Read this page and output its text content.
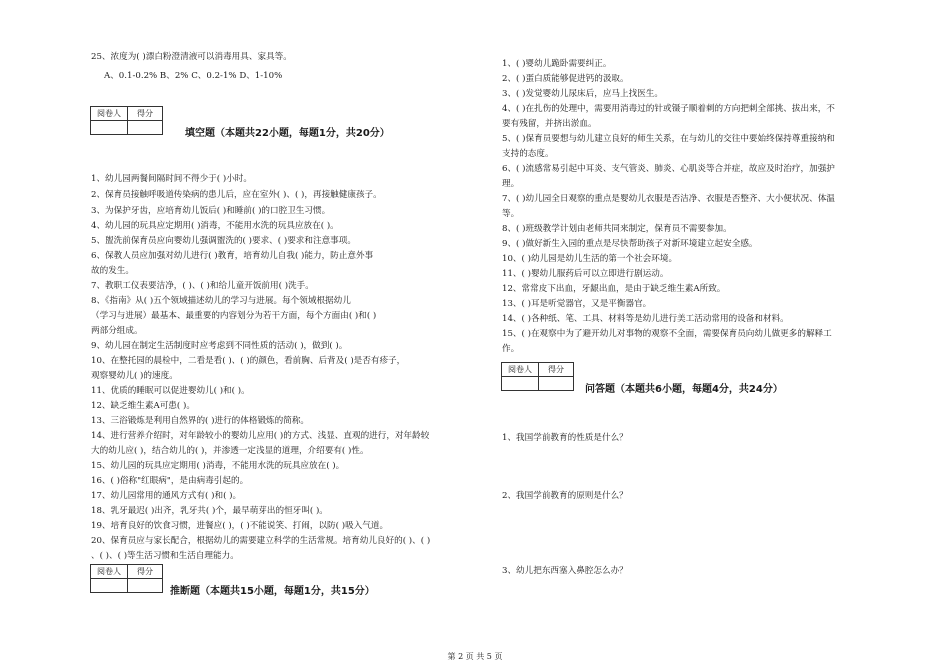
25、浓度为( )漂白粉澄清液可以消毒用具、家具等。
A、0.1-0.2% B、2% C、0.2-1% D、1-10%
阅卷人	得分

填空题（本题共22小题，每题1分，共20分）
1、幼儿园两餐间隔时间不得少于( )小时。
2、保育员接触呼吸道传染病的患儿后，应在室外( )、( )，再接触健康孩子。
3、为保护牙齿，应培育幼儿饭后( )和睡前( )的口腔卫生习惯。
4、幼儿园的玩具应定期用( )消毒，不能用水洗的玩具应放在( )。
5、盥洗前保育员应向婴幼儿强调盥洗的( )要求、( )要求和注意事项。
6、保教人员应加强对幼儿进行( )教育，培育幼儿自我( )能力，防止意外事
故的发生。
7、教职工仪表要洁净，( )、( )和给儿童开饭前用( )洗手。
8、《指南》从( )五个领域描述幼儿的学习与进展。每个领域根据幼儿
（学习与进展）最基本、最重要的内容划分为若干方面，每个方面由( )和( )
两部分组成。
9、幼儿园在制定生活制度时应考虑到不同性质的活动( )，做到( )。
10、在整托园的晨检中，二看是看( )、( )的颜色，看前胸、后背及( )是否有疹子，
观察婴幼儿( )的速度。
11、优质的睡眠可以促进婴幼儿( )和( )。
12、缺乏维生素A可患( )。
13、三浴锻炼是利用自然界的( )进行的体格锻炼的简称。
14、进行营养介绍时，对年龄较小的婴幼儿应用( )的方式、浅显、直观的进行，对年龄较
大的幼儿应( )，结合幼儿的( )，并渗透一定浅显的道理，介绍要有( )性。
15、幼儿园的玩具应定期用( )消毒，不能用水洗的玩具应放在( )。
16、( )俗称"红眼病"，是由病毒引起的。
17、幼儿园常用的通风方式有( )和( )。
18、乳牙最迟( )出齐，乳牙共( )个，最早萌芽出的恒牙叫( )。
19、培育良好的饮食习惯，进餐应( )，( )不能说笑、打闹，以防( )吸入气道。
20、保育员应与家长配合，根据幼儿的需要建立科学的生活常规。培育幼儿良好的( )、( )
、( )、( )等生活习惯和生活自理能力。
阅卷人	得分

推断题（本题共15小题，每题1分，共15分）
1、( )婴幼儿跪卧需要纠正。
2、( )蛋白质能够促进钙的汲取。
3、( )发觉婴幼儿尿床后，应马上找医生。
4、( )在扎伤的处理中，需要用消毒过的针或镊子顺着刺的方向把刺全部挑、拔出来，不
要有残留，并挤出淤血。
5、( )保育员要想与幼儿建立良好的师生关系，在与幼儿的交往中要始终保持尊重接纳和
支持的态度。
6、( )流感常易引起中耳炎、支气管炎、肺炎、心肌炎等合并症，故应及时治疗，加强护
理。
7、( )幼儿园全日观察的重点是婴幼儿衣服是否洁净、衣服是否整齐、大小便状况、体温
等。
8、( )班级教学计划由老师共同来制定，保育员不需要参加。
9、( )做好新生入园的重点是尽快帮助孩子对新环境建立起安全感。
10、( )幼儿园是幼儿生活的第一个社会环境。
11、( )婴幼儿服药后可以立即进行剧运动。
12、常常皮下出血，牙龈出血，是由于缺乏维生素A所致。
13、( )耳是听觉器官，又是平衡器官。
14、( )各种纸、笔、工具、材料等是幼儿进行美工活动常用的设备和材料。
15、( )在观察中为了避开幼儿对事物的观察不全面，需要保育员向幼儿做更多的解释工
作。
阅卷人	得分

问答题（本题共6小题，每题4分，共24分）
1、我国学前教育的性质是什么？
2、我国学前教育的原则是什么？
3、幼儿把东西塞入鼻腔怎么办？
第 2 页 共 5 页
